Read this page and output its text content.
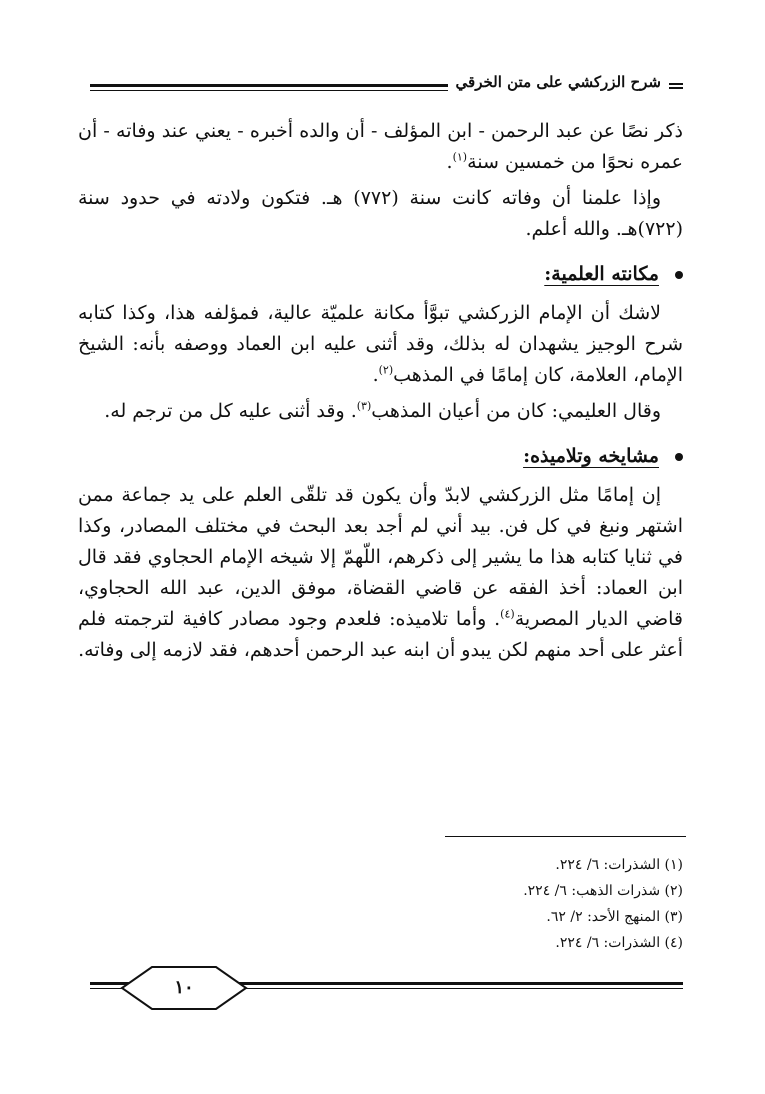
شرح الزركشي على متن الخرقي

ذكر نصًا عن عبد الرحمن - ابن المؤلف - أن والده أخبره - يعني عند وفاته - أن عمره نحوًا من خمسين سنة$^{(١)}$.

وإذا علمنا أن وفاته كانت سنة (٧٧٢) هـ. فتكون ولادته في حدود سنة (٧٢٢)هـ. والله أعلم.

مكانته العلمية:

لاشك أن الإمام الزركشي تبوَّأ مكانة علميّة عالية، فمؤلفه هذا، وكذا كتابه شرح الوجيز يشهدان له بذلك، وقد أثنى عليه ابن العماد ووصفه بأنه: الشيخ الإمام، العلامة، كان إمامًا في المذهب$^{(٢)}$.

وقال العليمي: كان من أعيان المذهب$^{(٣)}$. وقد أثنى عليه كل من ترجم له.

مشايخه وتلاميذه:

إن إمامًا مثل الزركشي لابدّ وأن يكون قد تلقّى العلم على يد جماعة ممن اشتهر ونبغ في كل فن. بيد أني لم أجد بعد البحث في مختلف المصادر، وكذا في ثنايا كتابه هذا ما يشير إلى ذكرهم، اللّهمّ إلا شيخه الإمام الحجاوي فقد قال ابن العماد: أخذ الفقه عن قاضي القضاة، موفق الدين، عبد الله الحجاوي، قاضي الديار المصرية$^{(٤)}$. وأما تلاميذه: فلعدم وجود مصادر كافية لترجمته فلم أعثر على أحد منهم لكن يبدو أن ابنه عبد الرحمن أحدهم، فقد لازمه إلى وفاته.

(١) الشذرات: ٦/ ٢٢٤.
(٢) شذرات الذهب: ٦/ ٢٢٤.
(٣) المنهج الأحد: ٢/ ٦٢.
(٤) الشذرات: ٦/ ٢٢٤.
١٠
